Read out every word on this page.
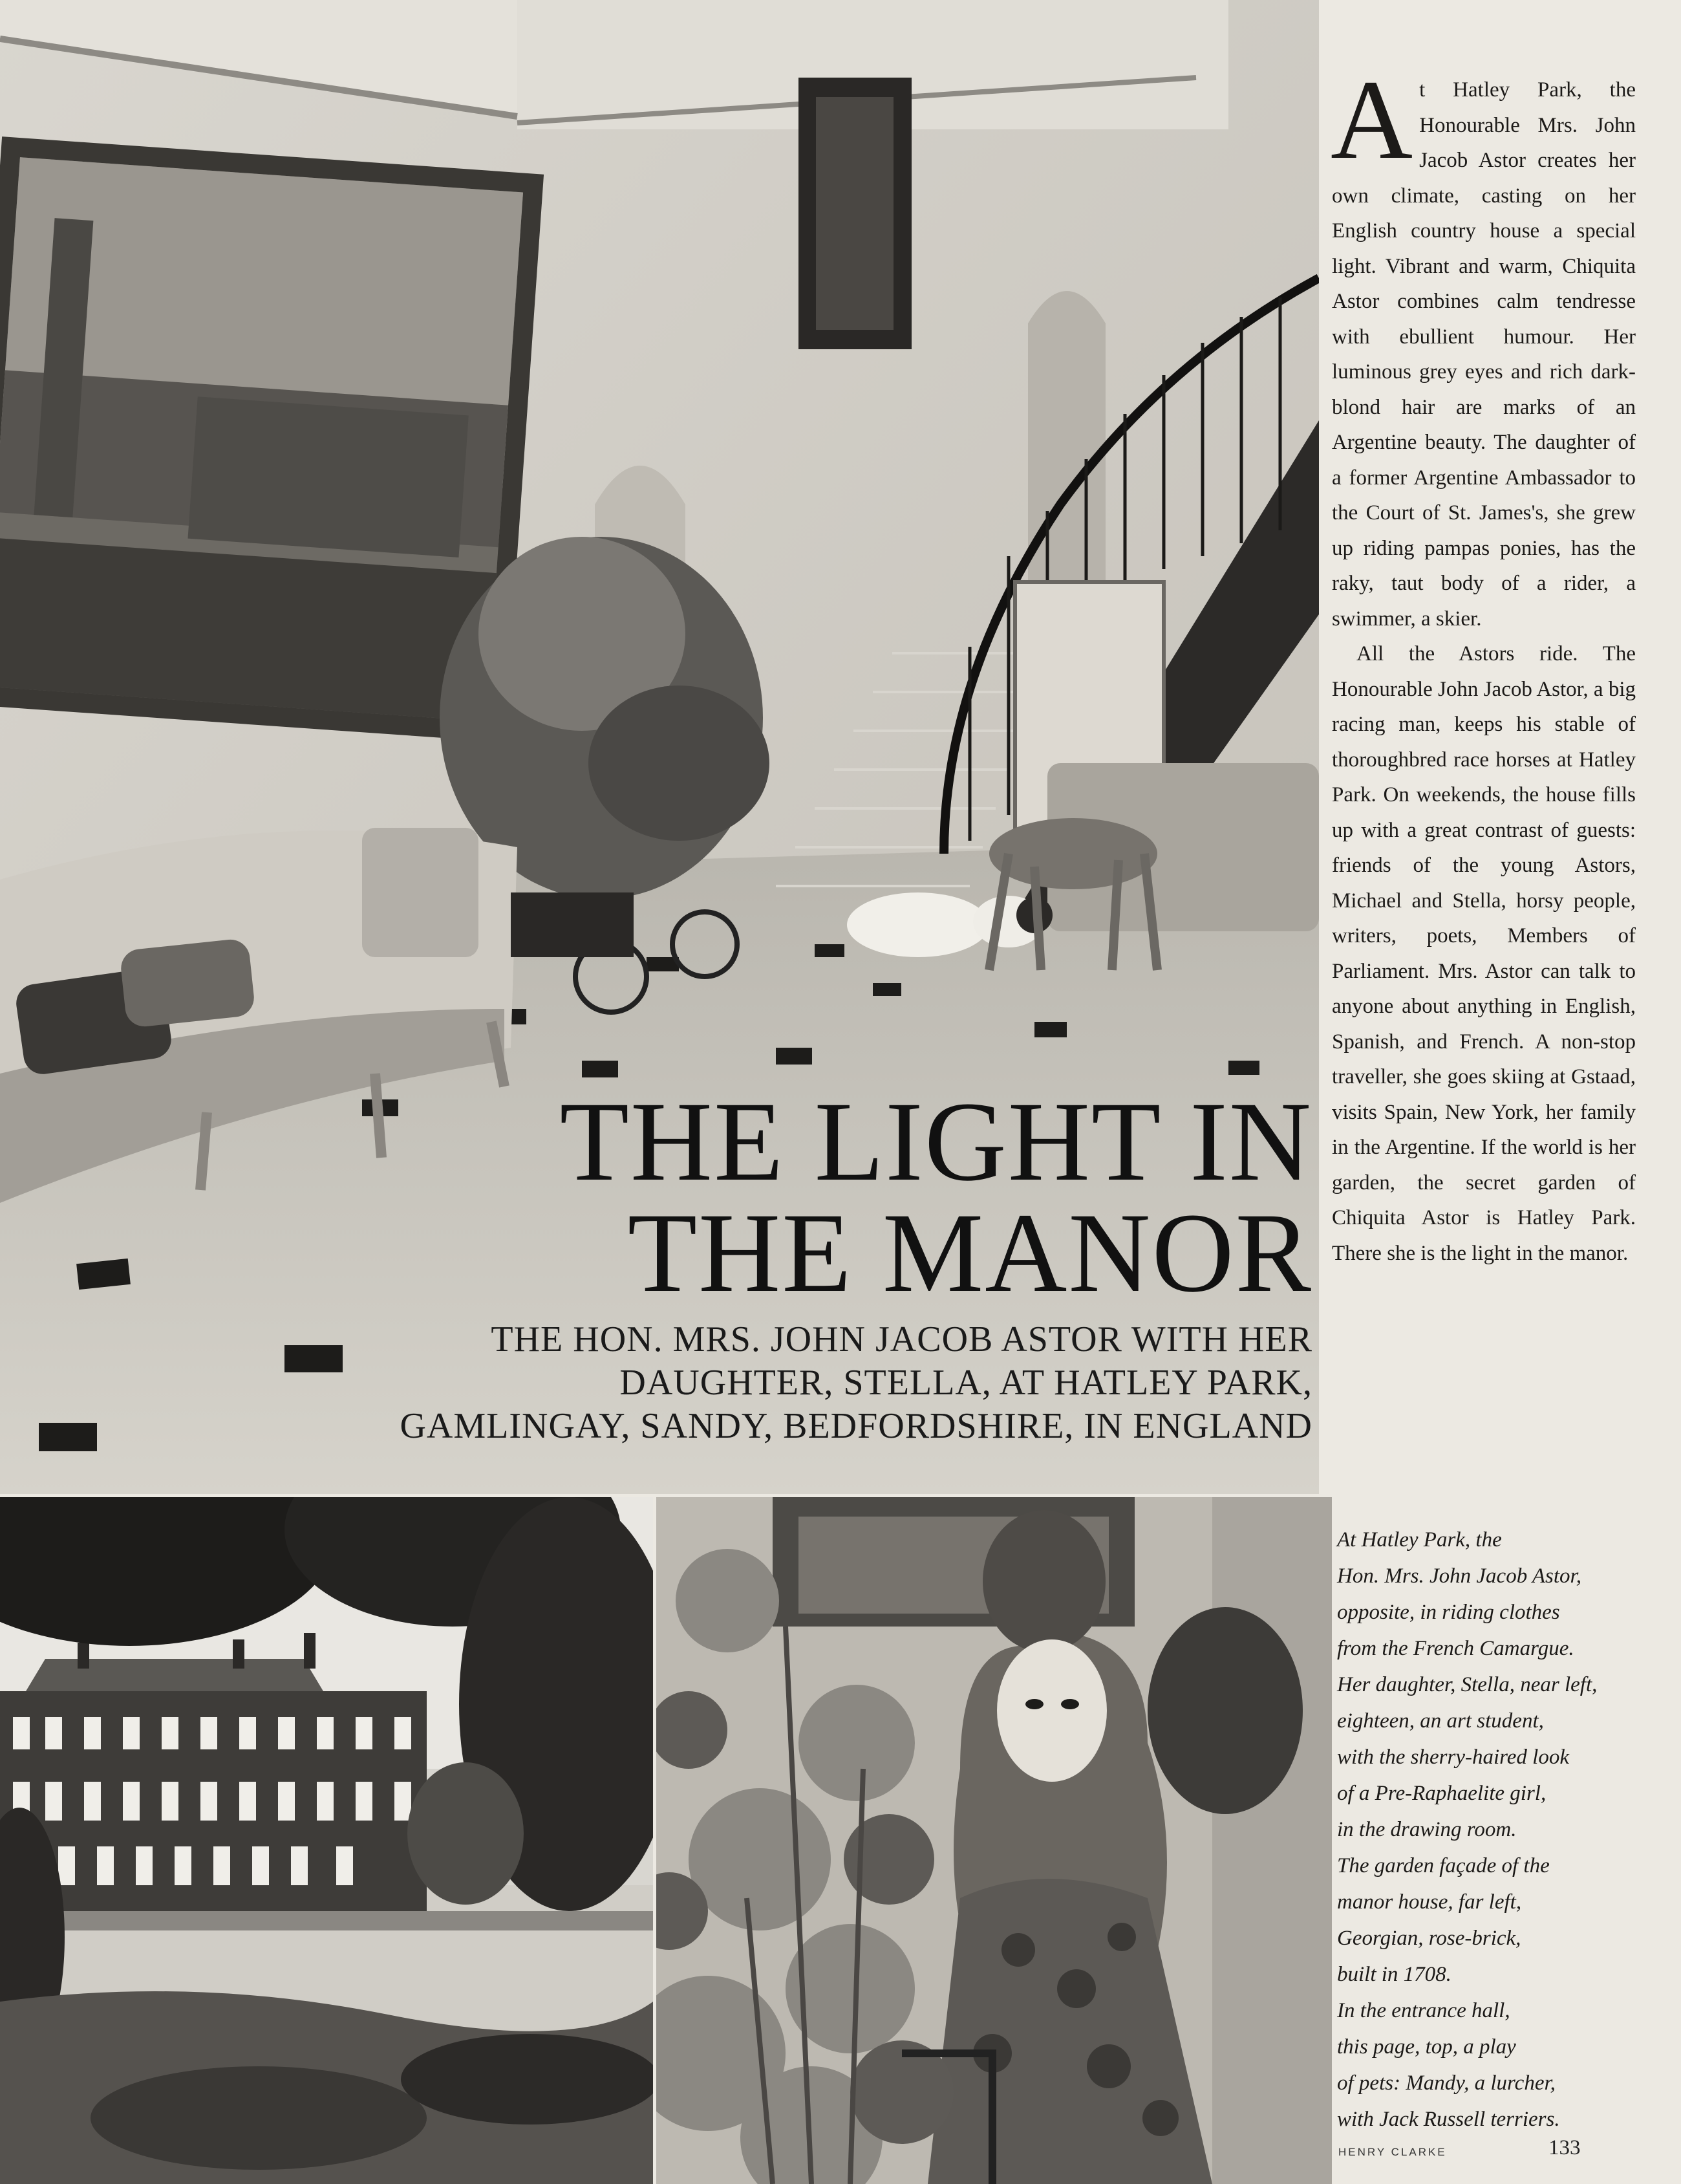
THE LIGHT IN
THE MANOR
THE HON. MRS. JOHN JACOB ASTOR WITH HER
DAUGHTER, STELLA, AT HATLEY PARK,
GAMLINGAY, SANDY, BEDFORDSHIRE, IN ENGLAND

At Hatley Park, the Honourable Mrs. John Jacob Astor creates her own climate, casting on her English country house a special light. Vibrant and warm, Chiquita Astor combines calm tendresse with ebullient humour. Her luminous grey eyes and rich dark-blond hair are marks of an Argentine beauty. The daughter of a former Argentine Ambassador to the Court of St. James's, she grew up riding pampas ponies, has the raky, taut body of a rider, a swimmer, a skier.

All the Astors ride. The Honourable John Jacob Astor, a big racing man, keeps his stable of thoroughbred race horses at Hatley Park. On weekends, the house fills up with a great contrast of guests: friends of the young Astors, Michael and Stella, horsy people, writers, poets, Members of Parliament. Mrs. Astor can talk to anyone about anything in English, Spanish, and French. A non-stop traveller, she goes skiing at Gstaad, visits Spain, New York, her family in the Argentine. If the world is her garden, the secret garden of Chiquita Astor is Hatley Park. There she is the light in the manor.

At Hatley Park, the
Hon. Mrs. John Jacob Astor,
opposite, in riding clothes
from the French Camargue.
Her daughter, Stella, near left,
eighteen, an art student,
with the sherry-haired look
of a Pre-Raphaelite girl,
in the drawing room.
The garden façade of the
manor house, far left,
Georgian, rose-brick,
built in 1708.
In the entrance hall,
this page, top, a play
of pets: Mandy, a lurcher,
with Jack Russell terriers.
HENRY CLARKE	133
